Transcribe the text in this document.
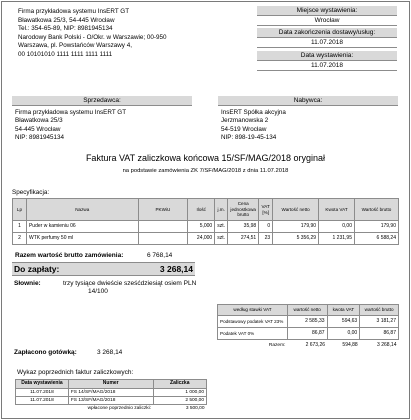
Firma przykładowa systemu InsERT GT
Bławatkowa 25/3, 54-445 Wrocław
Tel.: 354-65-89, NIP: 8981945134
Narodowy Bank Polski - O/Okr. w Warszawie; 00-950
Warszawa, pl. Powstańców Warszawy 4,
00 10101010 1111 1111 1111 1111
Miejsce wystawienia:
Wrocław
Data zakończenia dostawy/usług:
11.07.2018
Data wystawienia:
11.07.2018
Sprzedawca:
Firma przykładowa systemu InsERT GT
Bławatkowa 25/3
54-445 Wrocław
NIP: 8981945134
Nabywca:
InsERT Spółka akcyjna
Jerzmanowska 2
54-519 Wrocław
NIP: 898-19-45-134
Faktura VAT zaliczkowa końcowa 15/SF/MAG/2018 oryginał
na podstawie zamówienia ZK 7/SF/MAG/2018 z dnia 11.07.2018
Specyfikacja:
Lp	Nazwa	PKWiU	Ilość	j.m.	Cena jednostkowa brutto	VAT [%]	Wartość netto	Kwota VAT	Wartość brutto
1	Puder w kamieniu 06		5,000	szt.	35,98	0	179,90	0,00	179,90
2	WTK perfumy 50 ml		24,000	szt.	274,51	23	5 356,29	1 231,95	6 588,24
Razem wartość brutto zamówienia:	6 768,14
Do zapłaty:	3 268,14
Słownie:	trzy tysiące dwieście sześćdziesiąt osiem PLN
14/100
według stawki VAT	wartość netto	kwota VAT	wartość brutto
Podstawowy podatek VAT 23%	2 585,33	594,63	3 181,27
Podatek VAT 0%	86,87	0,00	86,87
Razem:	2 673,26	594,88	3 268,14
Zapłacono gotówką:	3 268,14
Wykaz poprzednich faktur zaliczkowych:
Data wystawienia	Numer	Zaliczka
11.07.2018	FS 14/SF/MAG/2018	1 000,00
11.07.2018	FS 13/SF/MAG/2018	2 500,00
	wpłacone poprzednio zaliczki:	3 500,00
